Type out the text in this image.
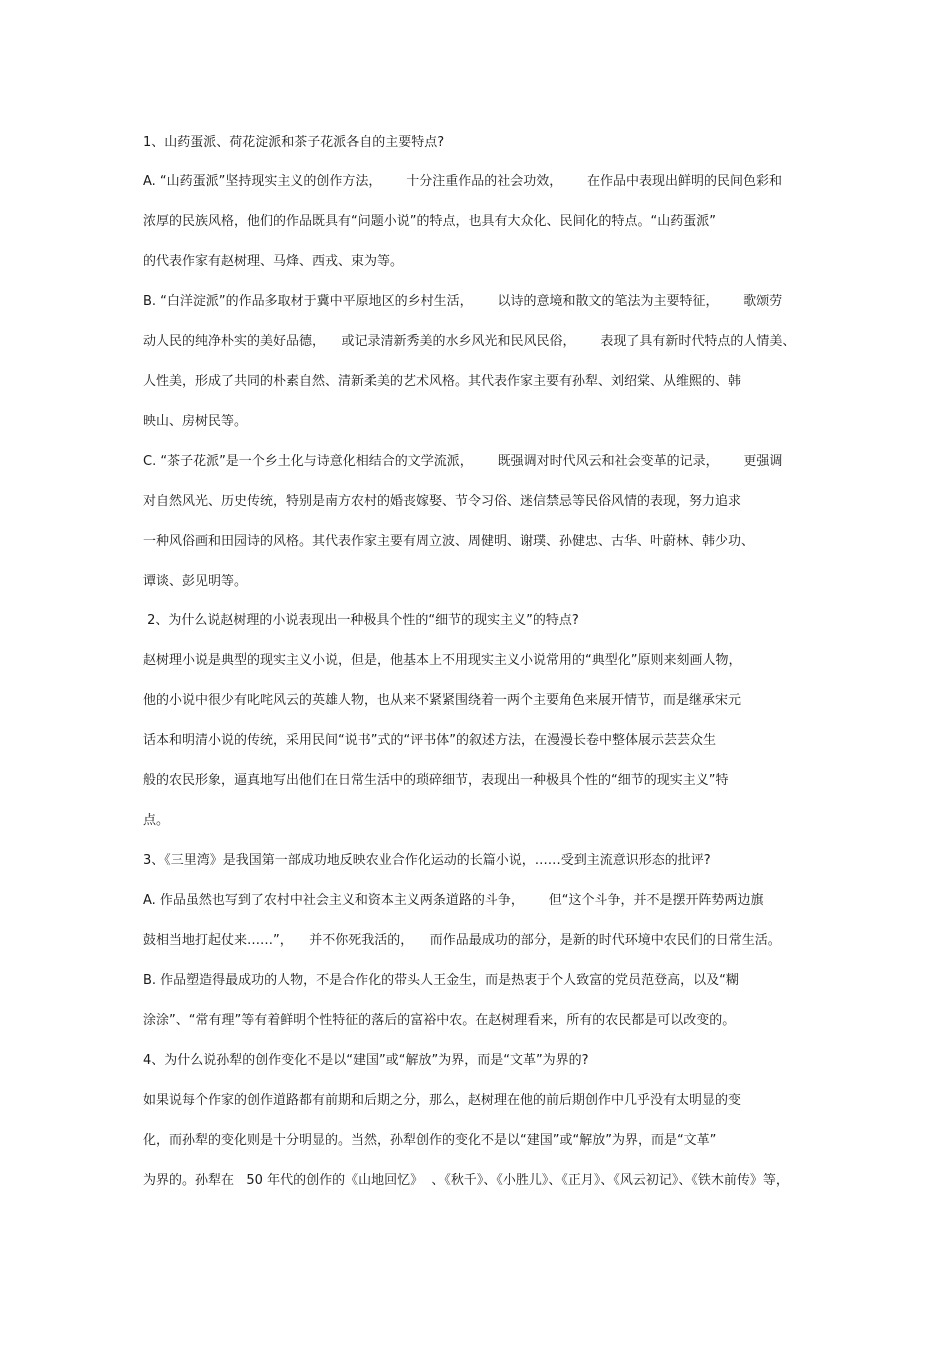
1、山药蛋派、荷花淀派和茶子花派各自的主要特点?
A. “山药蛋派”坚持现实主义的创作方法，      十分注重作品的社会功效，      在作品中表现出鲜明的民间色彩和
浓厚的民族风格，他们的作品既具有“问题小说”的特点，也具有大众化、民间化的特点。“山药蛋派”
的代表作家有赵树理、马烽、西戎、束为等。
B. “白洋淀派”的作品多取材于冀中平原地区的乡村生活，      以诗的意境和散文的笔法为主要特征，      歌颂劳
动人民的纯净朴实的美好品德，    或记录清新秀美的水乡风光和民风民俗，      表现了具有新时代特点的人情美、
人性美，形成了共同的朴素自然、清新柔美的艺术风格。其代表作家主要有孙犁、刘绍棠、从维熙的、韩
映山、房树民等。
C. “茶子花派”是一个乡土化与诗意化相结合的文学流派，      既强调对时代风云和社会变革的记录，      更强调
对自然风光、历史传统，特别是南方农村的婚丧嫁娶、节令习俗、迷信禁忌等民俗风情的表现，努力追求
一种风俗画和田园诗的风格。其代表作家主要有周立波、周健明、谢璞、孙健忠、古华、叶蔚林、韩少功、
谭谈、彭见明等。
2、为什么说赵树理的小说表现出一种极具个性的“细节的现实主义”的特点?
赵树理小说是典型的现实主义小说，但是，他基本上不用现实主义小说常用的“典型化”原则来刻画人物，
他的小说中很少有叱咤风云的英雄人物，也从来不紧紧围绕着一两个主要角色来展开情节，而是继承宋元
话本和明清小说的传统，采用民间“说书”式的“评书体”的叙述方法，在漫漫长卷中整体展示芸芸众生
般的农民形象，逼真地写出他们在日常生活中的琐碎细节，表现出一种极具个性的“细节的现实主义”特
点。
3、《三里湾》是我国第一部成功地反映农业合作化运动的长篇小说，……受到主流意识形态的批评?
A. 作品虽然也写到了农村中社会主义和资本主义两条道路的斗争，      但“这个斗争，并不是摆开阵势两边旗
鼓相当地打起仗来……”，    并不你死我活的，    而作品最成功的部分，是新的时代环境中农民们的日常生活。
B. 作品塑造得最成功的人物，不是合作化的带头人王金生，而是热衷于个人致富的党员范登高，以及“糊
涂涂”、“常有理”等有着鲜明个性特征的落后的富裕中农。在赵树理看来，所有的农民都是可以改变的。
4、为什么说孙犁的创作变化不是以“建国”或“解放”为界，而是“文革”为界的?
如果说每个作家的创作道路都有前期和后期之分，那么，赵树理在他的前后期创作中几乎没有太明显的变
化，而孙犁的变化则是十分明显的。当然，孙犁创作的变化不是以“建国”或“解放”为界，而是“文革”
为界的。孙犁在   50 年代的创作的《山地回忆》  、《秋千》、《小胜儿》、《正月》、《风云初记》、《铁木前传》等，
